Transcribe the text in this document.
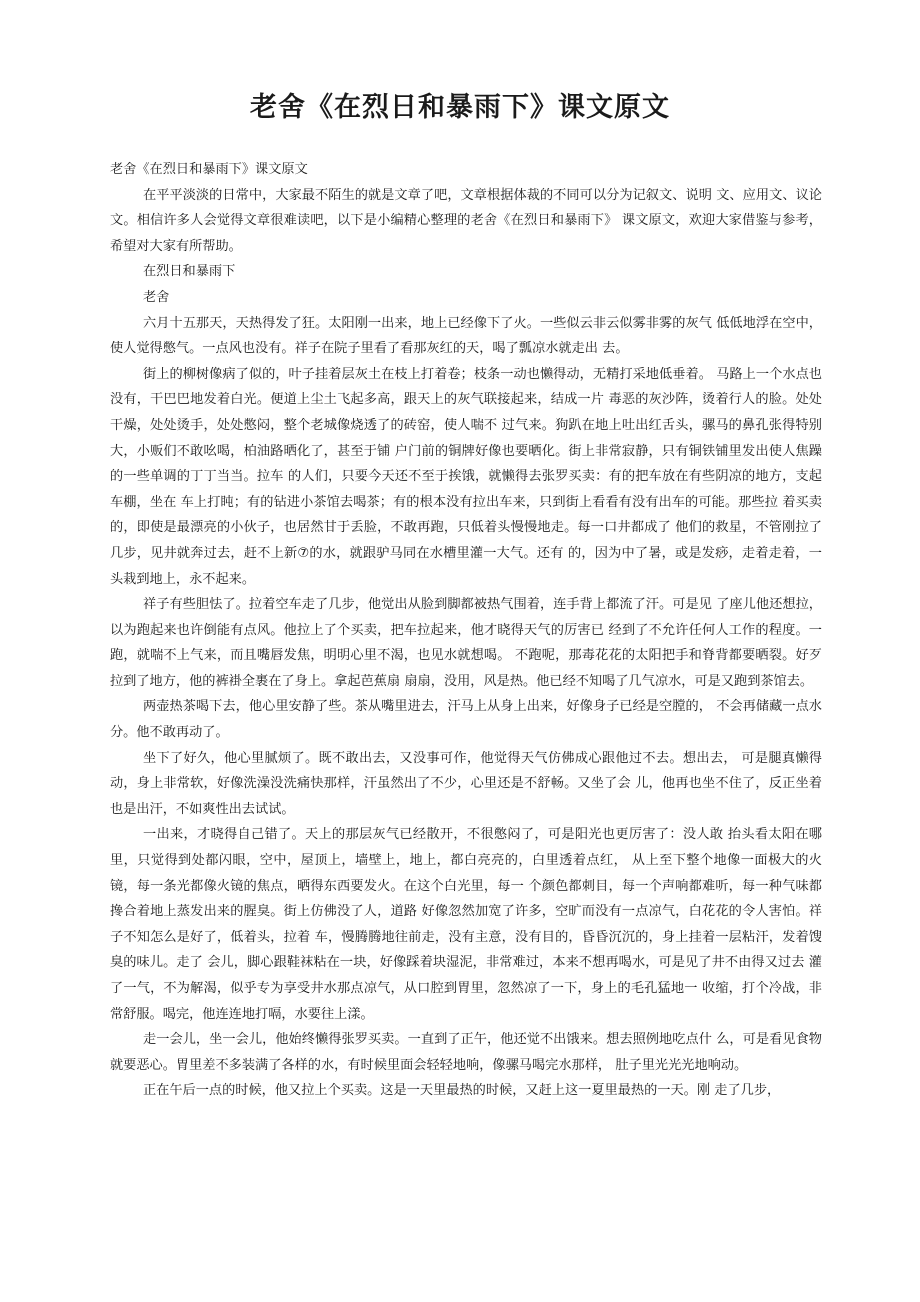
老舍《在烈日和暴雨下》课文原文

老舍《在烈日和暴雨下》课文原文

在平平淡淡的日常中，大家最不陌生的就是文章了吧，文章根据体裁的不同可以分为记叙文、说明 文、应用文、议论文。相信许多人会觉得文章很难读吧，以下是小编精心整理的老舍《在烈日和暴雨下》 课文原文，欢迎大家借鉴与参考，希望对大家有所帮助。

在烈日和暴雨下

老舍

六月十五那天，天热得发了狂。太阳刚一出来，地上已经像下了火。一些似云非云似雾非雾的灰气 低低地浮在空中，使人觉得憋气。一点风也没有。祥子在院子里看了看那灰红的天，喝了瓢凉水就走出 去。

街上的柳树像病了似的，叶子挂着层灰土在枝上打着卷；枝条一动也懒得动，无精打采地低垂着。 马路上一个水点也没有，干巴巴地发着白光。便道上尘土飞起多高，跟天上的灰气联接起来，结成一片 毒恶的灰沙阵，烫着行人的脸。处处干燥，处处烫手，处处憋闷，整个老城像烧透了的砖窑，使人喘不 过气来。狗趴在地上吐出红舌头，骡马的鼻孔张得特别大，小贩们不敢吆喝，柏油路晒化了，甚至于铺 户门前的铜牌好像也要晒化。街上非常寂静，只有铜铁铺里发出使人焦躁的一些单调的丁丁当当。拉车 的人们，只要今天还不至于挨饿，就懒得去张罗买卖：有的把车放在有些阴凉的地方，支起车棚，坐在 车上打盹；有的钻进小茶馆去喝茶；有的根本没有拉出车来，只到街上看看有没有出车的可能。那些拉 着买卖的，即使是最漂亮的小伙子，也居然甘于丢脸，不敢再跑，只低着头慢慢地走。每一口井都成了 他们的救星，不管刚拉了几步，见井就奔过去，赶不上新⑦的水，就跟驴马同在水槽里灌一大气。还有 的，因为中了暑，或是发痧，走着走着，一头栽到地上，永不起来。

祥子有些胆怯了。拉着空车走了几步，他觉出从脸到脚都被热气围着，连手背上都流了汗。可是见 了座儿他还想拉，以为跑起来也许倒能有点风。他拉上了个买卖，把车拉起来，他才晓得天气的厉害已 经到了不允许任何人工作的程度。一跑，就喘不上气来，而且嘴唇发焦，明明心里不渴，也见水就想喝。 不跑呢，那毒花花的太阳把手和脊背都要晒裂。好歹拉到了地方，他的裤褂全裹在了身上。拿起芭蕉扇 扇扇，没用，风是热。他已经不知喝了几气凉水，可是又跑到茶馆去。

两壶热茶喝下去，他心里安静了些。茶从嘴里进去，汗马上从身上出来，好像身子已经是空膛的， 不会再储藏一点水分。他不敢再动了。

坐下了好久，他心里腻烦了。既不敢出去，又没事可作，他觉得天气仿佛成心跟他过不去。想出去， 可是腿真懒得动，身上非常软，好像洗澡没洗痛快那样，汗虽然出了不少，心里还是不舒畅。又坐了会 儿，他再也坐不住了，反正坐着也是出汗，不如爽性出去试试。

一出来，才晓得自己错了。天上的那层灰气已经散开，不很憋闷了，可是阳光也更厉害了：没人敢 抬头看太阳在哪里，只觉得到处都闪眼，空中，屋顶上，墙壁上，地上，都白亮亮的，白里透着点红， 从上至下整个地像一面极大的火镜，每一条光都像火镜的焦点，晒得东西要发火。在这个白光里，每一 个颜色都刺目，每一个声响都难听，每一种气味都搀合着地上蒸发出来的腥臭。街上仿佛没了人，道路 好像忽然加宽了许多，空旷而没有一点凉气，白花花的令人害怕。祥子不知怎么是好了，低着头，拉着 车，慢腾腾地往前走，没有主意，没有目的，昏昏沉沉的，身上挂着一层粘汗，发着馊臭的味儿。走了 会儿，脚心跟鞋袜粘在一块，好像踩着块湿泥，非常难过，本来不想再喝水，可是见了井不由得又过去 灌了一气，不为解渴，似乎专为享受井水那点凉气，从口腔到胃里，忽然凉了一下，身上的毛孔猛地一 收缩，打个冷战，非常舒服。喝完，他连连地打嗝，水要往上漾。

走一会儿，坐一会儿，他始终懒得张罗买卖。一直到了正午，他还觉不出饿来。想去照例地吃点什 么，可是看见食物就要恶心。胃里差不多装满了各样的水，有时候里面会轻轻地响，像骡马喝完水那样， 肚子里光光光地响动。

正在午后一点的时候，他又拉上个买卖。这是一天里最热的时候，又赶上这一夏里最热的一天。刚 走了几步，
